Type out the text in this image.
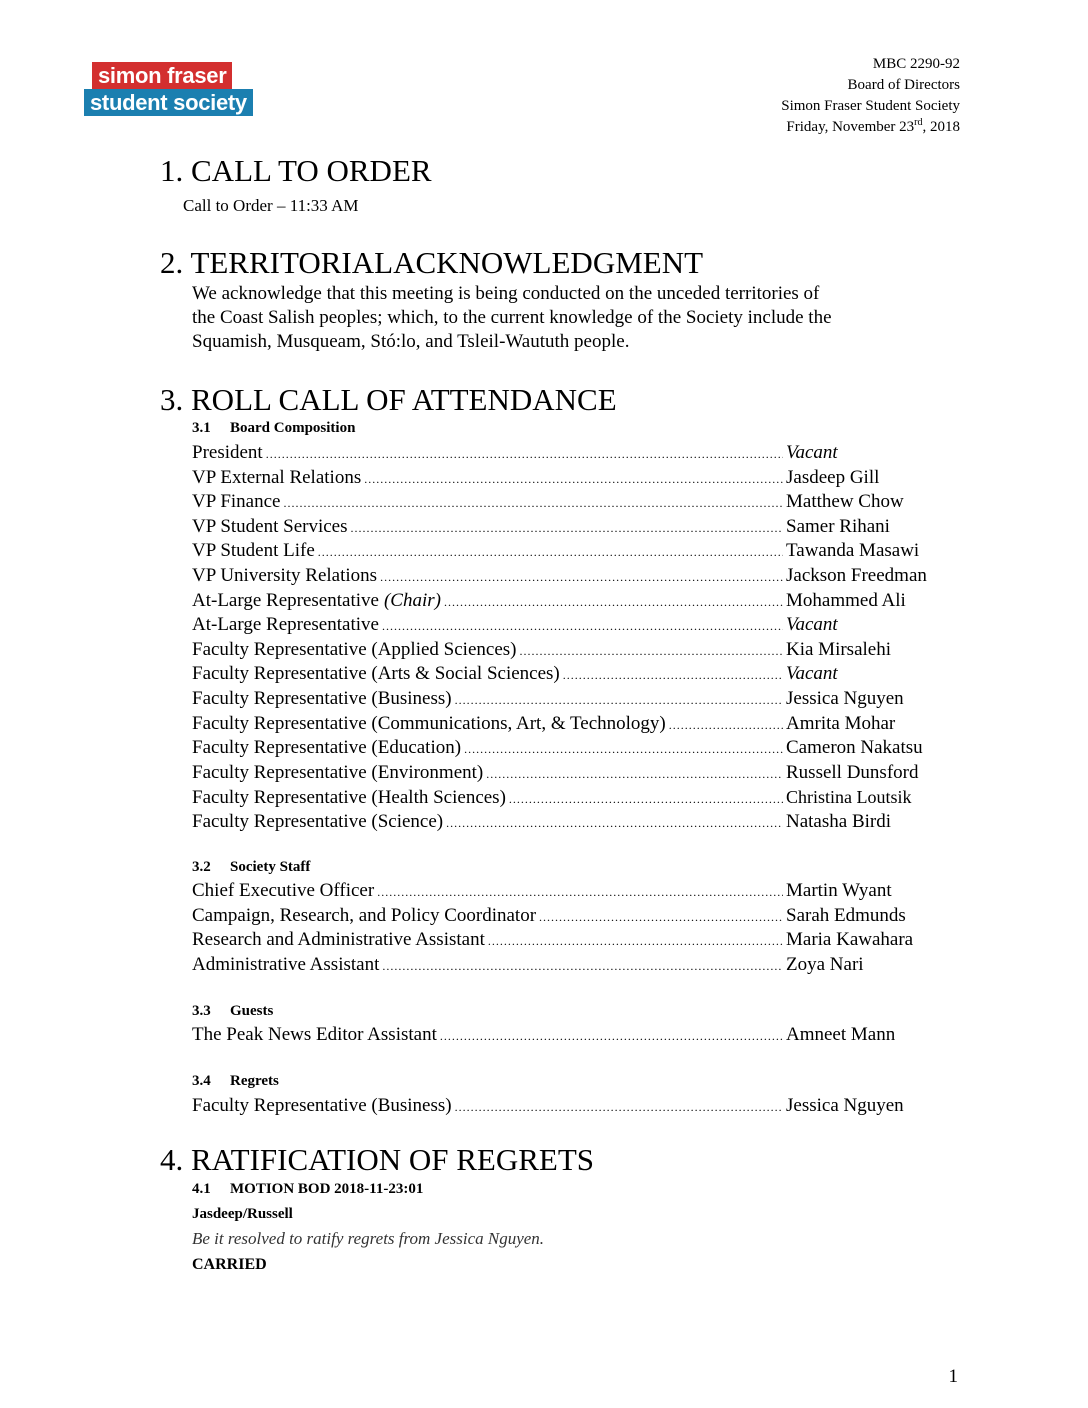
simon fraser
student society
MBC 2290-92
Board of Directors
Simon Fraser Student Society
Friday, November 23rd, 2018
1. CALL TO ORDER
Call to Order – 11:33 AM
2. TERRITORIALACKNOWLEDGMENT
We acknowledge that this meeting is being conducted on the unceded territories of
the Coast Salish peoples; which, to the current knowledge of the Society include the
Squamish, Musqueam, Stó:lo, and Tsleil-Waututh people.
3. ROLL CALL OF ATTENDANCE
3.1 Board Composition
President .....	Vacant
VP External Relations .....	Jasdeep Gill
VP Finance .....	Matthew Chow
VP Student Services .....	Samer Rihani
VP Student Life .....	Tawanda Masawi
VP University Relations .....	Jackson Freedman
At-Large Representative (Chair) .....	Mohammed Ali
At-Large Representative .....	Vacant
Faculty Representative (Applied Sciences) .....	Kia Mirsalehi
Faculty Representative (Arts & Social Sciences) .....	Vacant
Faculty Representative (Business) .....	Jessica Nguyen
Faculty Representative (Communications, Art, & Technology) .....	Amrita Mohar
Faculty Representative (Education) .....	Cameron Nakatsu
Faculty Representative (Environment) .....	Russell Dunsford
Faculty Representative (Health Sciences) .....	Christina Loutsik
Faculty Representative (Science) .....	Natasha Birdi
3.2 Society Staff
Chief Executive Officer .....	Martin Wyant
Campaign, Research, and Policy Coordinator .....	Sarah Edmunds
Research and Administrative Assistant .....	Maria Kawahara
Administrative Assistant .....	Zoya Nari
3.3 Guests
The Peak News Editor Assistant .....	Amneet Mann
3.4 Regrets
Faculty Representative (Business) .....	Jessica Nguyen
4. RATIFICATION OF REGRETS
4.1 MOTION BOD 2018-11-23:01
Jasdeep/Russell
Be it resolved to ratify regrets from Jessica Nguyen.
CARRIED
1
